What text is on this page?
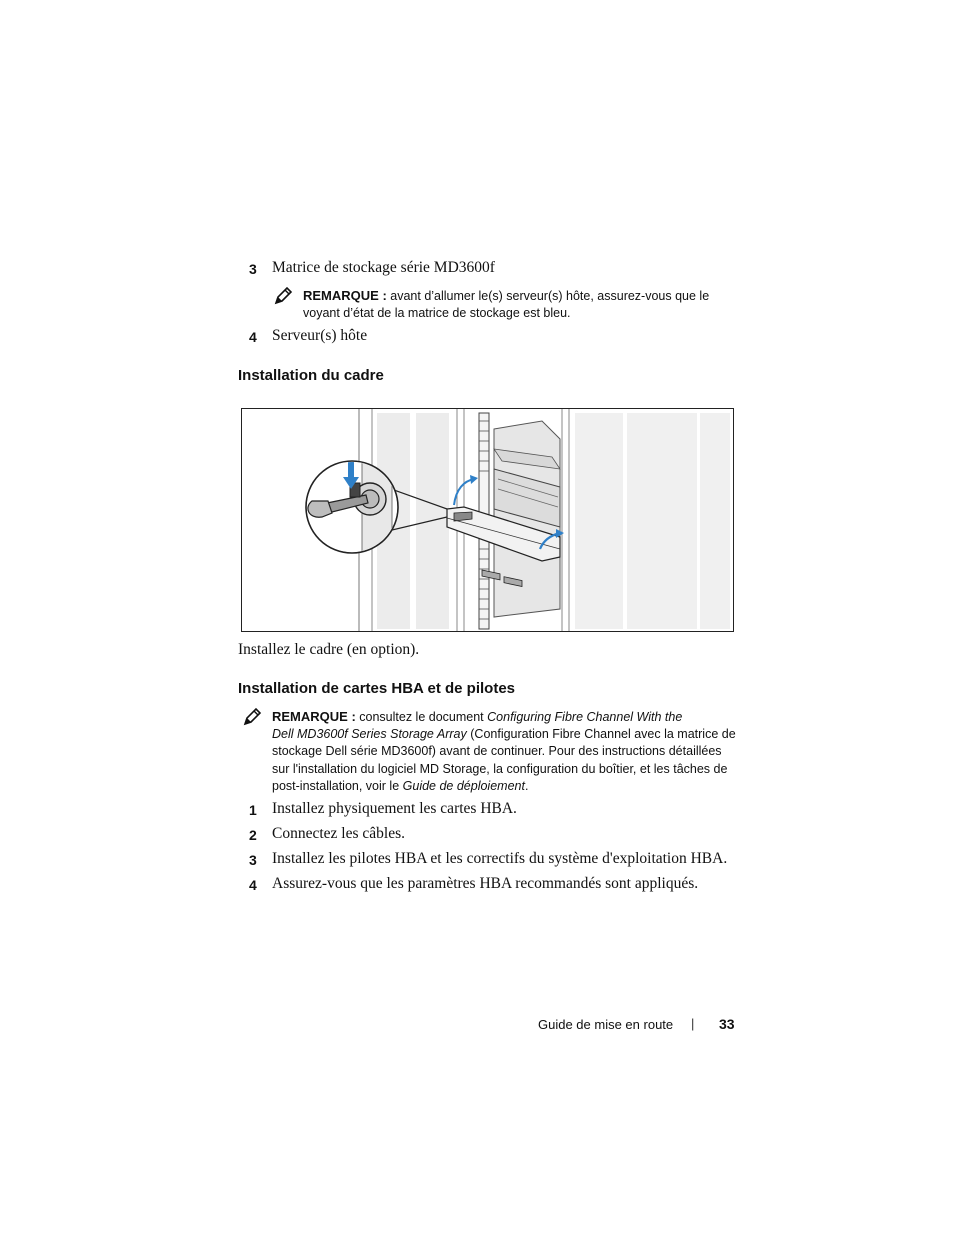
3 Matrice de stockage série MD3600f
REMARQUE : avant d’allumer le(s) serveur(s) hôte, assurez-vous que le
voyant d’état de la matrice de stockage est bleu.
4 Serveur(s) hôte
Installation du cadre
Installez le cadre (en option).
Installation de cartes HBA et de pilotes
REMARQUE : consultez le document Configuring Fibre Channel With the
Dell MD3600f Series Storage Array (Configuration Fibre Channel avec la matrice de
stockage Dell série MD3600f) avant de continuer. Pour des instructions détaillées
sur l'installation du logiciel MD Storage, la configuration du boîtier, et les tâches de
post-installation, voir le Guide de déploiement.
1 Installez physiquement les cartes HBA.
2 Connectez les câbles.
3 Installez les pilotes HBA et les correctifs du système d'exploitation HBA.
4 Assurez-vous que les paramètres HBA recommandés sont appliqués.
Guide de mise en route | 33
